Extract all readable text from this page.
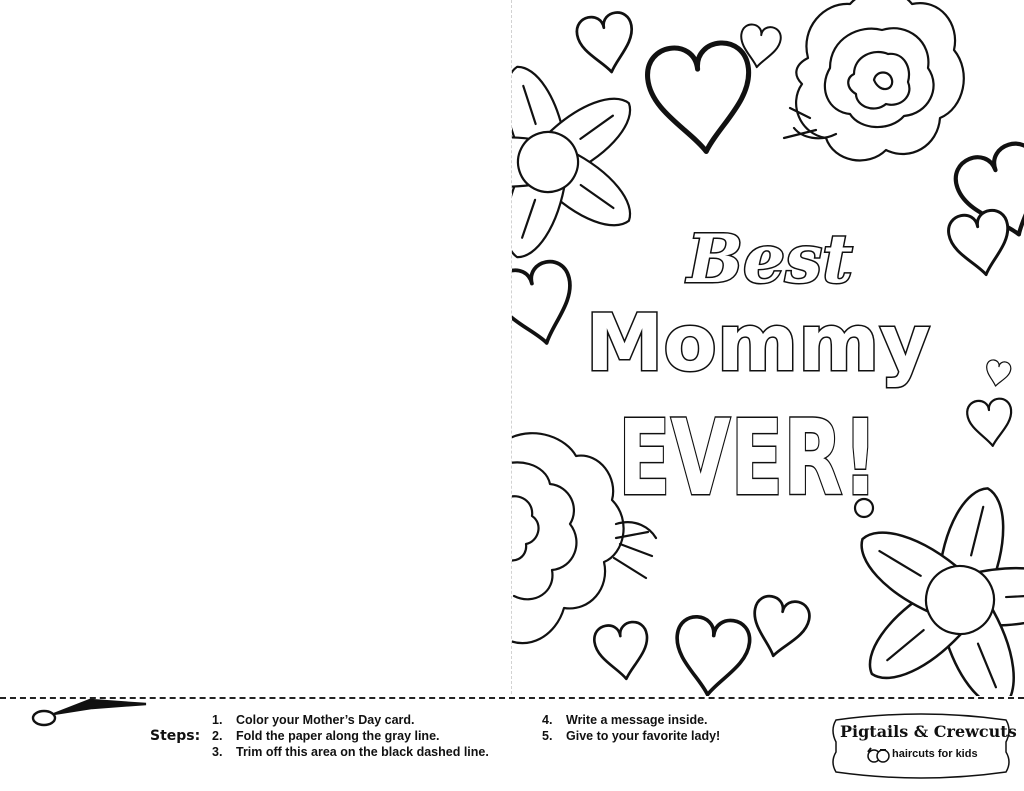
Best
Mommy
EVER!
Steps:
1.	Color your Mother’s Day card.
2.	Fold the paper along the gray line.
3.	Trim off this area on the black dashed line.
4.	Write a message inside.
5.	Give to your favorite lady!	Pigtails & Crewcuts
haircuts for kids
